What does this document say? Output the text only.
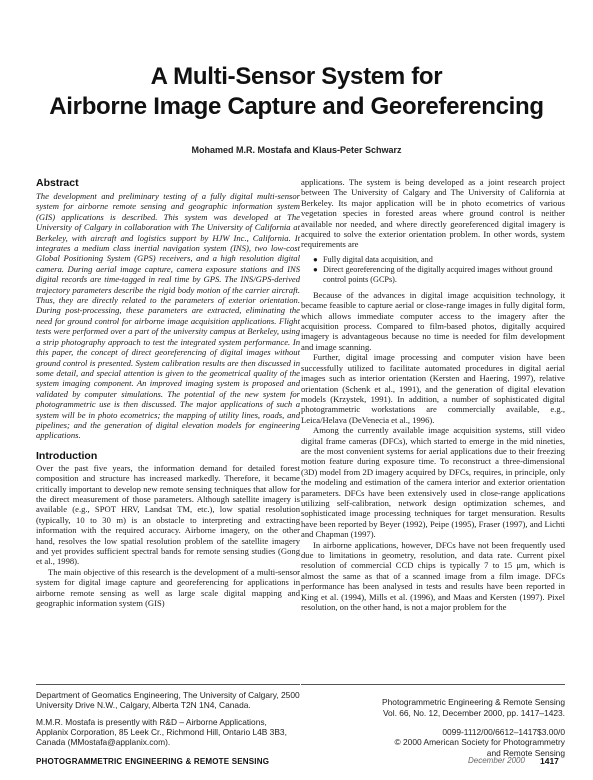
A Multi-Sensor System for
Airborne Image Capture and Georeferencing
Mohamed M.R. Mostafa and Klaus-Peter Schwarz
Abstract

The development and preliminary testing of a fully digital multi-sensor system for airborne remote sensing and geographic information system (GIS) applications is described. This system was developed at The University of Calgary in collaboration with The University of California at Berkeley, with aircraft and logistics support by HJW Inc., California. It integrates a medium class inertial navigation system (INS), two low-cost Global Positioning System (GPS) receivers, and a high resolution digital camera. During aerial image capture, camera exposure stations and INS digital records are time-tagged in real time by GPS. The INS/GPS-derived trajectory parameters describe the rigid body motion of the carrier aircraft. Thus, they are directly related to the parameters of exterior orientation. During post-processing, these parameters are extracted, eliminating the need for ground control for airborne image acquisition applications. Flight tests were performed over a part of the university campus at Berkeley, using a strip photography approach to test the integrated system performance. In this paper, the concept of direct georeferencing of digital images without ground control is presented. System calibration results are then discussed in some detail, and special attention is given to the geometrical quality of the system imaging component. An improved imaging system is proposed and validated by computer simulations. The potential of the new system for photogrammetric use is then discussed. The major applications of such a system will be in photo ecometrics; the mapping of utility lines, roads, and pipelines; and the generation of digital elevation models for engineering applications.

Introduction

Over the past five years, the information demand for detailed forest composition and structure has increased markedly. Therefore, it became critically important to develop new remote sensing techniques that allow for the direct measurement of those parameters. Although satellite imagery is available (e.g., SPOT HRV, Landsat TM, etc.), low spatial resolution (typically, 10 to 30 m) is an obstacle to interpreting and extracting information with the required accuracy. Airborne imagery, on the other hand, resolves the low spatial resolution problem of the satellite imagery and yet provides sufficient spectral bands for remote sensing studies (Gong et al., 1998).

The main objective of this research is the development of a multi-sensor system for digital image capture and georeferencing for applications in airborne remote sensing as well as large scale digital mapping and geographic information system (GIS)

applications. The system is being developed as a joint research project between The University of Calgary and The University of California at Berkeley. Its major application will be in photo ecometrics of various vegetation species in forested areas where ground control is neither available nor needed, and where directly georeferenced digital imagery is acquired to solve the exterior orientation problem. In other words, system requirements are

● Fully digital data acquisition, and
● Direct georeferencing of the digitally acquired images without ground control points (GCPs).

Because of the advances in digital image acquisition technology, it became feasible to capture aerial or close-range images in fully digital form, which allows immediate computer access to the imagery after the acquisition process. Compared to film-based photos, digitally acquired imagery is advantageous because no time is needed for film development and image scanning.

Further, digital image processing and computer vision have been successfully utilized to facilitate automated procedures in digital aerial images such as interior orientation (Kersten and Haering, 1997), relative orientation (Schenk et al., 1991), and the generation of digital elevation models (Krzystek, 1991). In addition, a number of sophisticated digital photogrammetric workstations are commercially available, e.g., Leica/Helava (DeVenecia et al., 1996).

Among the currently available image acquisition systems, still video digital frame cameras (DFCs), which started to emerge in the mid nineties, are the most convenient systems for aerial applications due to their freezing motion feature during exposure time. To reconstruct a three-dimensional (3D) model from 2D imagery acquired by DFCs, requires, in principle, only the modeling and estimation of the camera interior and exterior orientation parameters. DFCs have been extensively used in close-range applications utilizing self-calibration, network design optimization schemes, and sophisticated image processing techniques for target mensuration. Results have been reported by Beyer (1992), Peipe (1995), Fraser (1997), and Lichti and Chapman (1997).

In airborne applications, however, DFCs have not been frequently used due to limitations in geometry, resolution, and data rate. Current pixel resolution of commercial CCD chips is typically 7 to 15 μm, which is almost the same as that of a scanned image from a film image. DFCs performance has been analysed in tests and results have been reported in King et al. (1994), Mills et al. (1996), and Maas and Kersten (1997). Pixel resolution, on the other hand, is not a major problem for the

Department of Geomatics Engineering, The University of Calgary, 2500 University Drive N.W., Calgary, Alberta T2N 1N4, Canada.

M.M.R. Mostafa is presently with R&D – Airborne Applications, Applanix Corporation, 85 Leek Cr., Richmond Hill, Ontario L4B 3B3, Canada (MMostafa@applanix.com).

Photogrammetric Engineering & Remote Sensing
Vol. 66, No. 12, December 2000, pp. 1417–1423.
0099-1112/00/6612–1417$3.00/0
© 2000 American Society for Photogrammetry
and Remote Sensing
PHOTOGRAMMETRIC ENGINEERING & REMOTE SENSING	December 2000 1417
